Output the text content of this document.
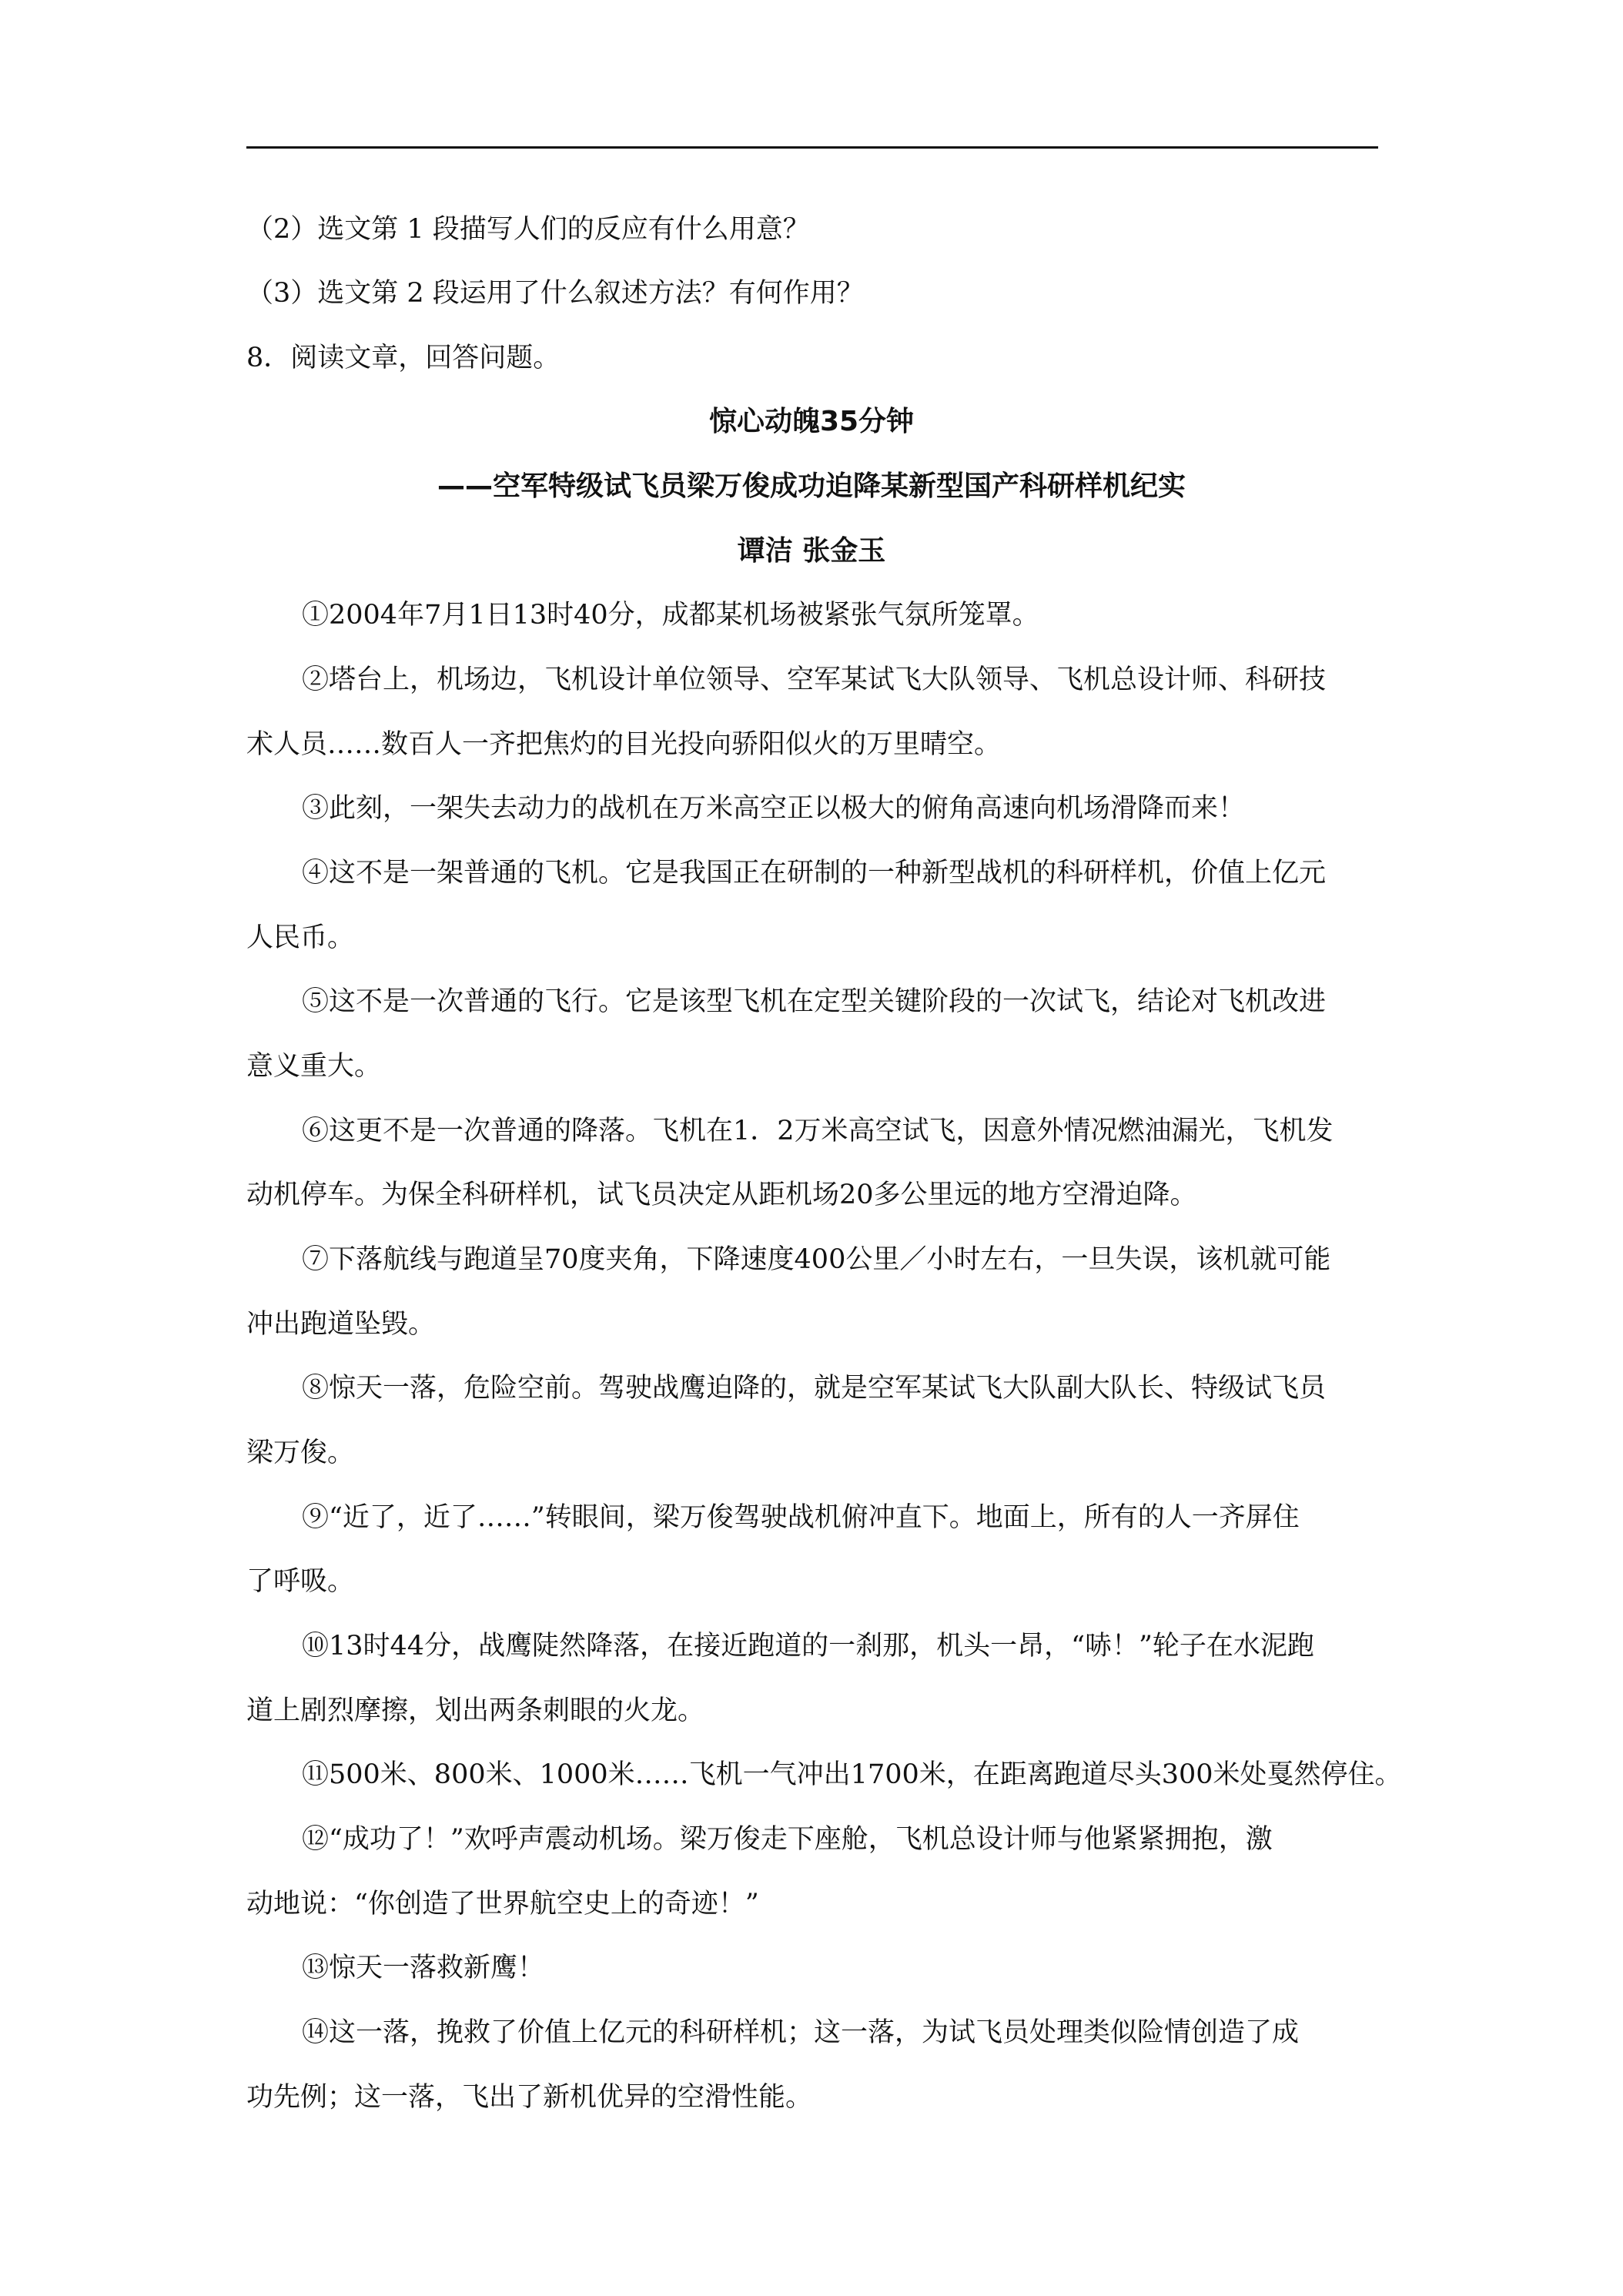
（2）选文第 1 段描写人们的反应有什么用意？
（3）选文第 2 段运用了什么叙述方法？有何作用？
8．阅读文章，回答问题。
惊心动魄35分钟
——空军特级试飞员梁万俊成功迫降某新型国产科研样机纪实
谭洁 张金玉
①2004年7月1日13时40分，成都某机场被紧张气氛所笼罩。
②塔台上，机场边，飞机设计单位领导、空军某试飞大队领导、飞机总设计师、科研技
术人员……数百人一齐把焦灼的目光投向骄阳似火的万里晴空。
③此刻，一架失去动力的战机在万米高空正以极大的俯角高速向机场滑降而来！
④这不是一架普通的飞机。它是我国正在研制的一种新型战机的科研样机，价值上亿元
人民币。
⑤这不是一次普通的飞行。它是该型飞机在定型关键阶段的一次试飞，结论对飞机改进
意义重大。
⑥这更不是一次普通的降落。飞机在1．2万米高空试飞，因意外情况燃油漏光，飞机发
动机停车。为保全科研样机，试飞员决定从距机场20多公里远的地方空滑迫降。
⑦下落航线与跑道呈70度夹角，下降速度400公里／小时左右，一旦失误，该机就可能
冲出跑道坠毁。
⑧惊天一落，危险空前。驾驶战鹰迫降的，就是空军某试飞大队副大队长、特级试飞员
梁万俊。
⑨“近了，近了……”转眼间，梁万俊驾驶战机俯冲直下。地面上，所有的人一齐屏住
了呼吸。
⑩13时44分，战鹰陡然降落，在接近跑道的一刹那，机头一昂，“哧！”轮子在水泥跑
道上剧烈摩擦，划出两条刺眼的火龙。
⑪500米、800米、1000米……飞机一气冲出1700米，在距离跑道尽头300米处戛然停住。
⑫“成功了！”欢呼声震动机场。梁万俊走下座舱，飞机总设计师与他紧紧拥抱，激
动地说：“你创造了世界航空史上的奇迹！”
⑬惊天一落救新鹰！
⑭这一落，挽救了价值上亿元的科研样机；这一落，为试飞员处理类似险情创造了成
功先例；这一落，飞出了新机优异的空滑性能。
